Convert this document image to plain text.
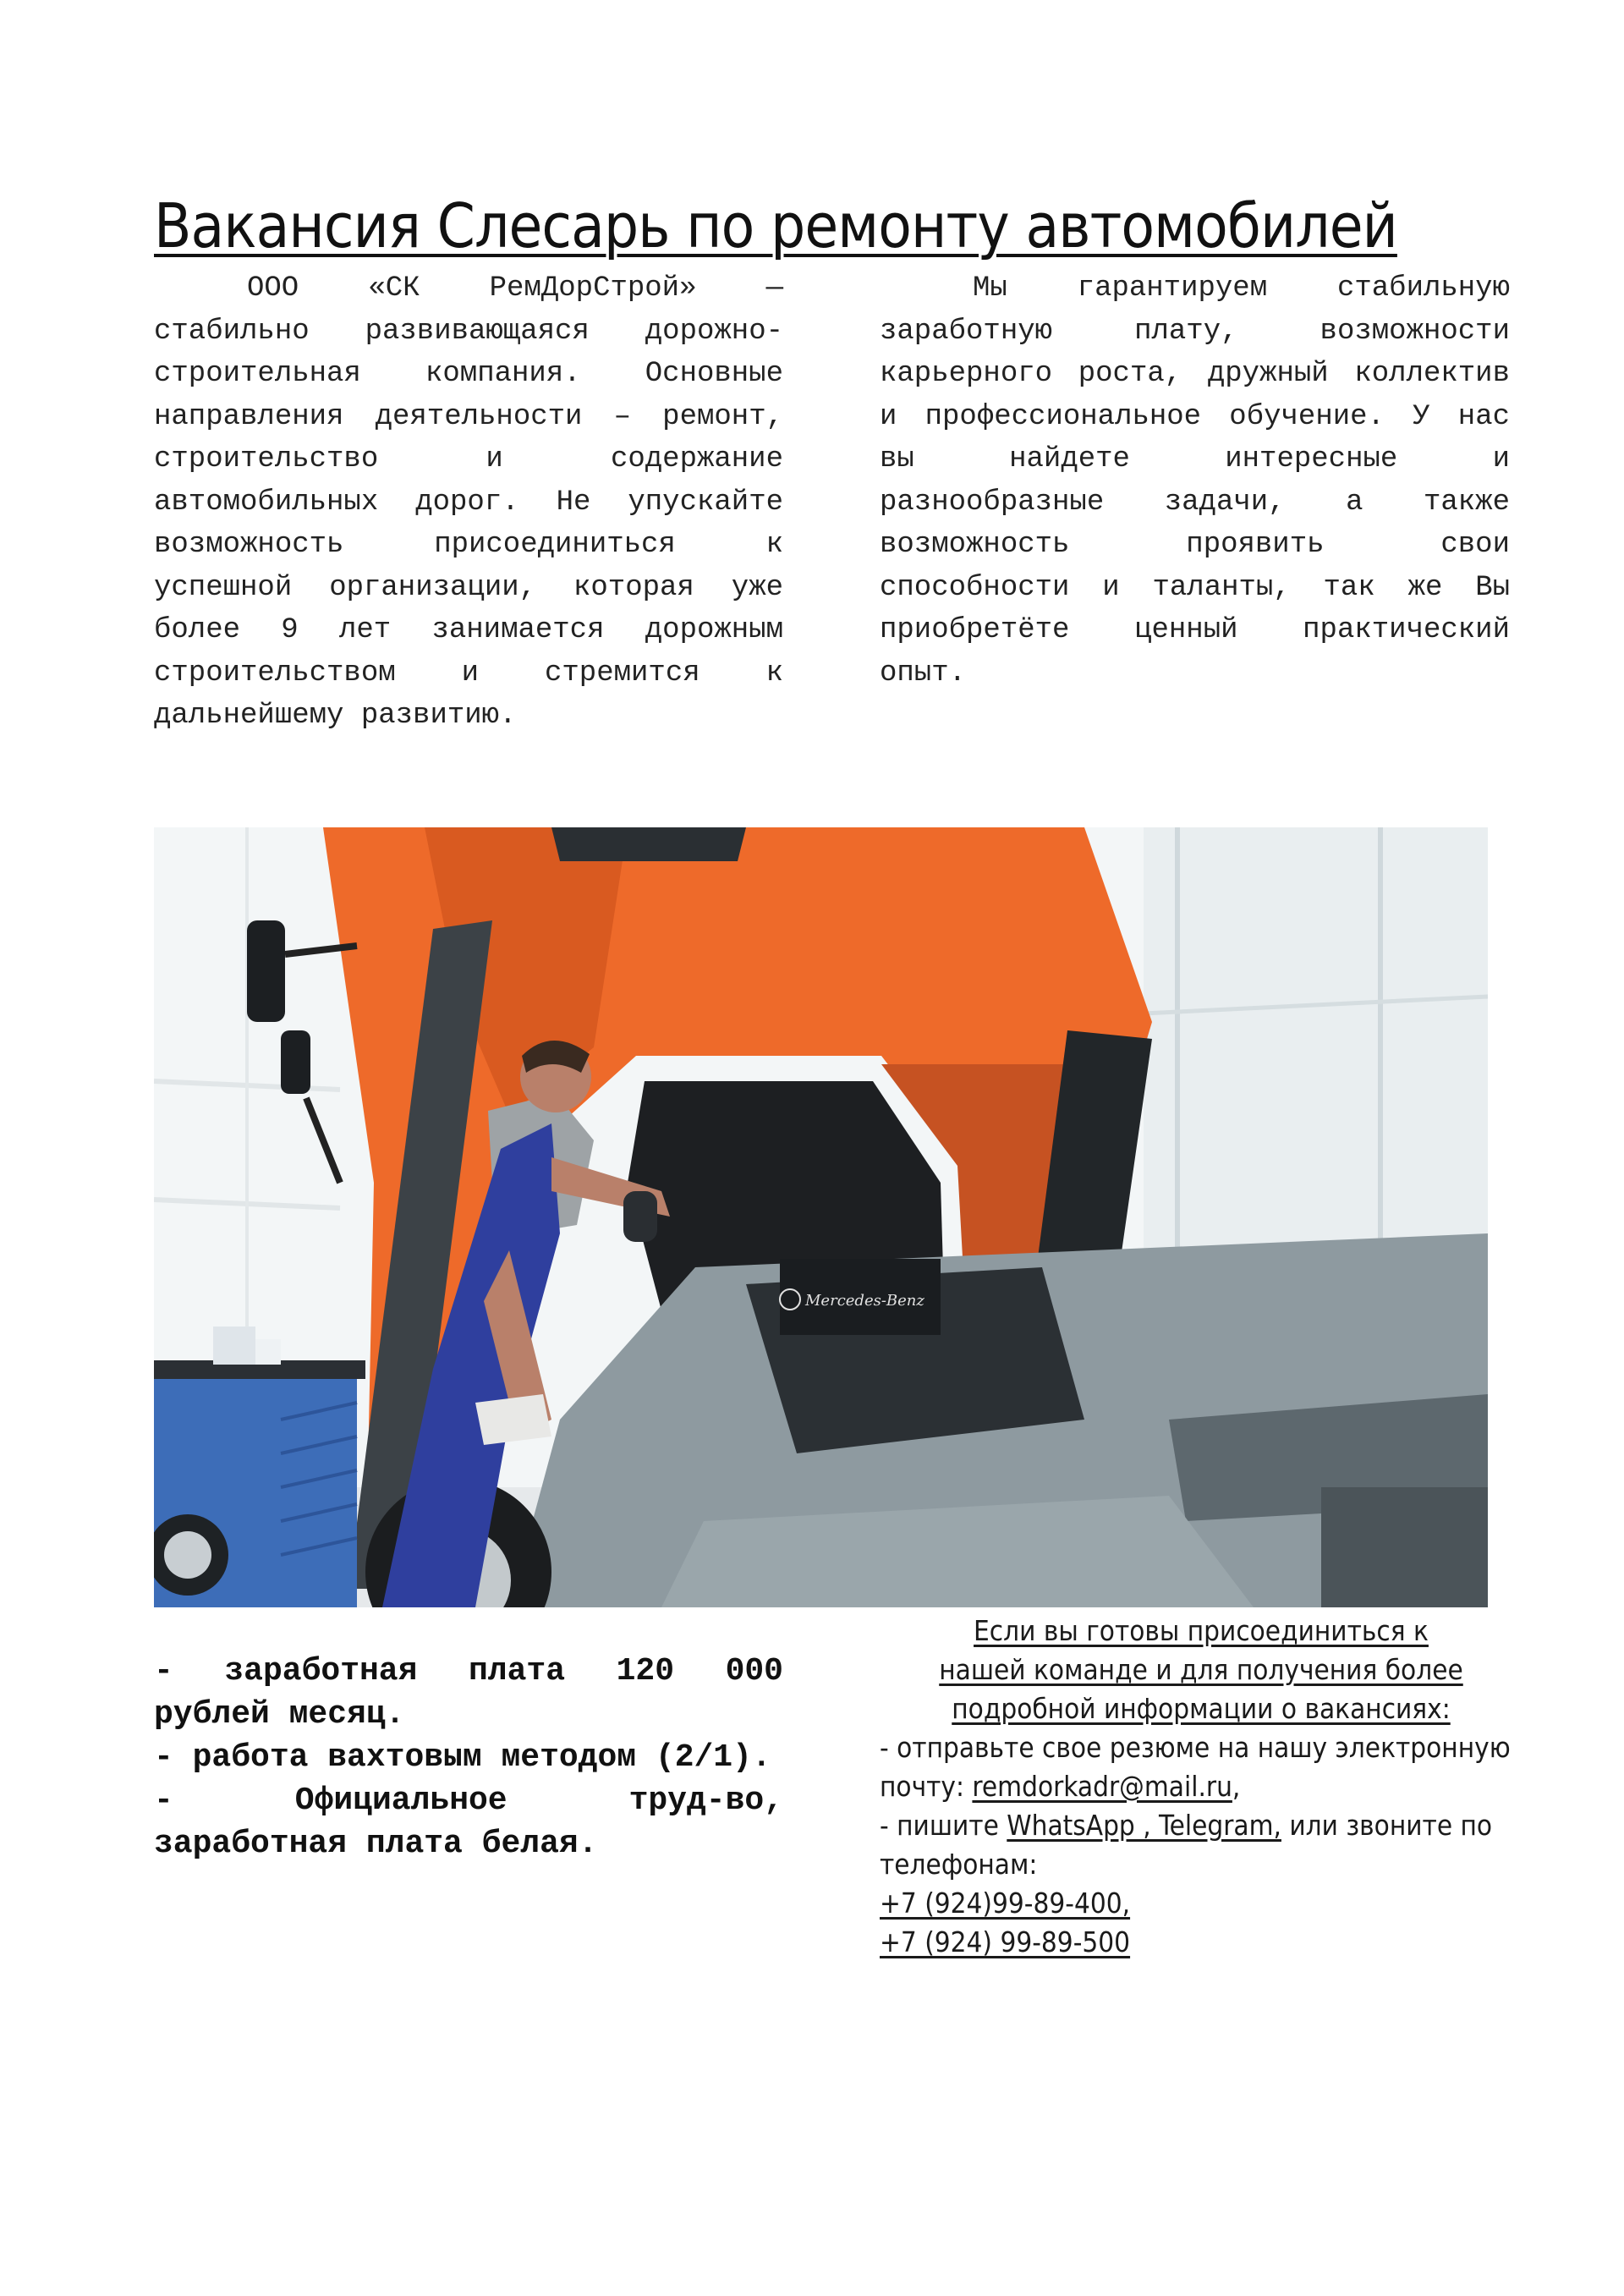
Вакансия Слесарь по ремонту автомобилей
ООО «СК РемДорСтрой» — стабильно развивающаяся дорожно-строительная компания. Основные направления деятельности – ремонт, строительство и содержание автомобильных дорог. Не упускайте возможность присоединиться к успешной организации, которая уже более 9 лет занимается дорожным строительством и стремится к дальнейшему развитию.
Мы гарантируем стабильную заработную плату, возможности карьерного роста, дружный коллектив и профессиональное обучение. У нас вы найдете интересные и разнообразные задачи, а также возможность проявить свои способности и таланты, так же Вы приобретёте ценный практический опыт.
Mercedes-Benz

- заработная плата 120 000 рублей месяц.

- работа вахтовым методом (2/1).

- Официальное труд-во, заработная плата белая.

Если вы готовы присоединиться к
нашей команде и для получения более
подробной информации о вакансиях:

- отправьте свое резюме на нашу электронную почту: remdorkadr@mail.ru,

- пишите WhatsApp , Telegram, или звоните по телефонам:

+7 (924)99-89-400,

+7 (924) 99-89-500
